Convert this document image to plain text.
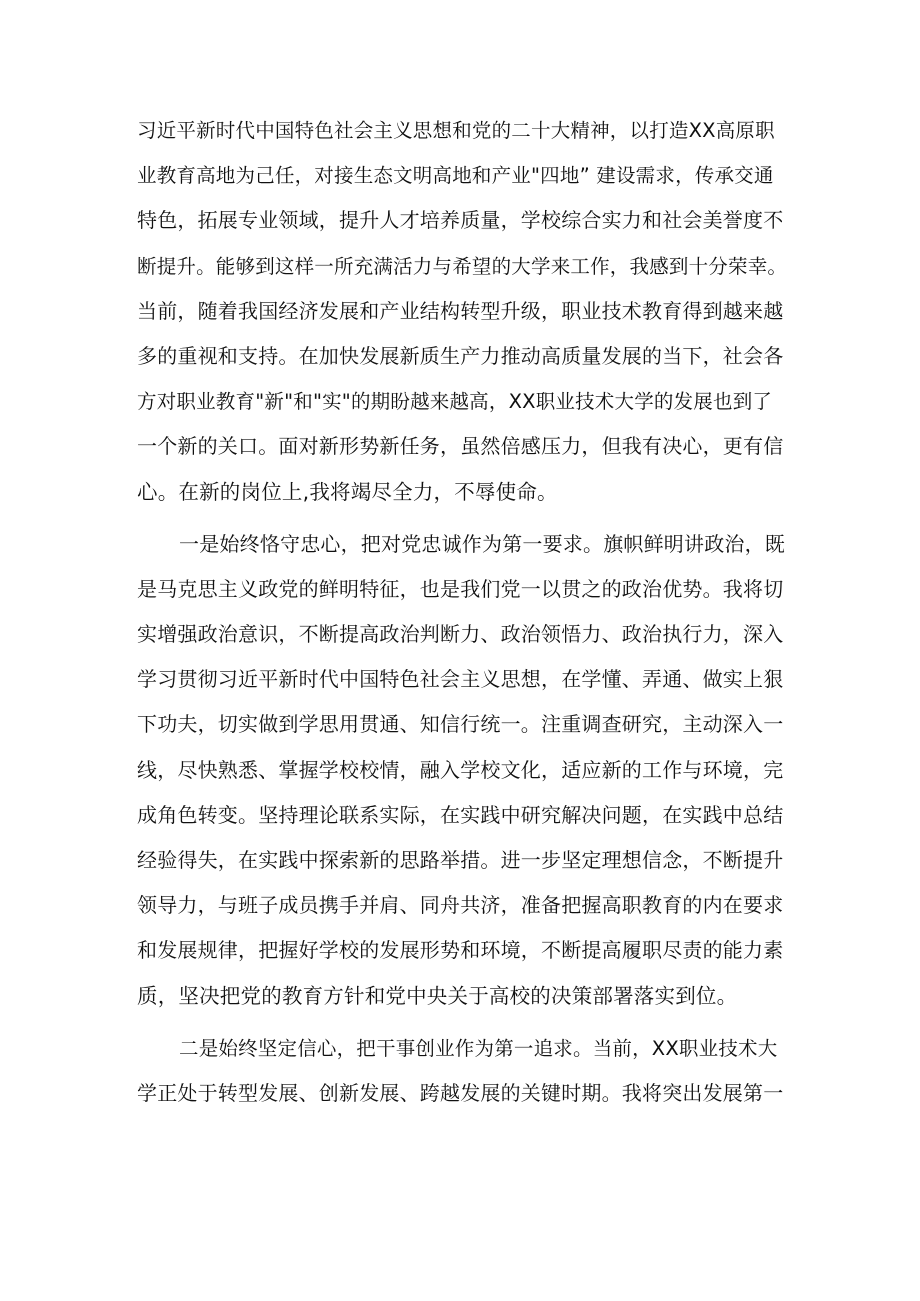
习近平新时代中国特色社会主义思想和党的二十大精神，以打造XX高原职
业教育高地为己任，对接生态文明高地和产业"四地” 建设需求，传承交通
特色，拓展专业领域，提升人才培养质量，学校综合实力和社会美誉度不
断提升。能够到这样一所充满活力与希望的大学来工作，我感到十分荣幸。
当前，随着我国经济发展和产业结构转型升级，职业技术教育得到越来越
多的重视和支持。在加快发展新质生产力推动高质量发展的当下，社会各
方对职业教育"新"和"实"的期盼越来越高，XX职业技术大学的发展也到了
一个新的关口。面对新形势新任务，虽然倍感压力，但我有决心，更有信
心。在新的岗位上,我将竭尽全力，不辱使命。
一是始终恪守忠心，把对党忠诚作为第一要求。旗帜鲜明讲政治，既
是马克思主义政党的鲜明特征，也是我们党一以贯之的政治优势。我将切
实增强政治意识，不断提高政治判断力、政治领悟力、政治执行力，深入
学习贯彻习近平新时代中国特色社会主义思想，在学懂、弄通、做实上狠
下功夫，切实做到学思用贯通、知信行统一。注重调查研究，主动深入一
线，尽快熟悉、掌握学校校情，融入学校文化，适应新的工作与环境，完
成角色转变。坚持理论联系实际，在实践中研究解决问题，在实践中总结
经验得失，在实践中探索新的思路举措。进一步坚定理想信念，不断提升
领导力，与班子成员携手并肩、同舟共济，准备把握高职教育的内在要求
和发展规律，把握好学校的发展形势和环境，不断提高履职尽责的能力素
质，坚决把党的教育方针和党中央关于高校的决策部署落实到位。
二是始终坚定信心，把干事创业作为第一追求。当前，XX职业技术大
学正处于转型发展、创新发展、跨越发展的关键时期。我将突出发展第一
